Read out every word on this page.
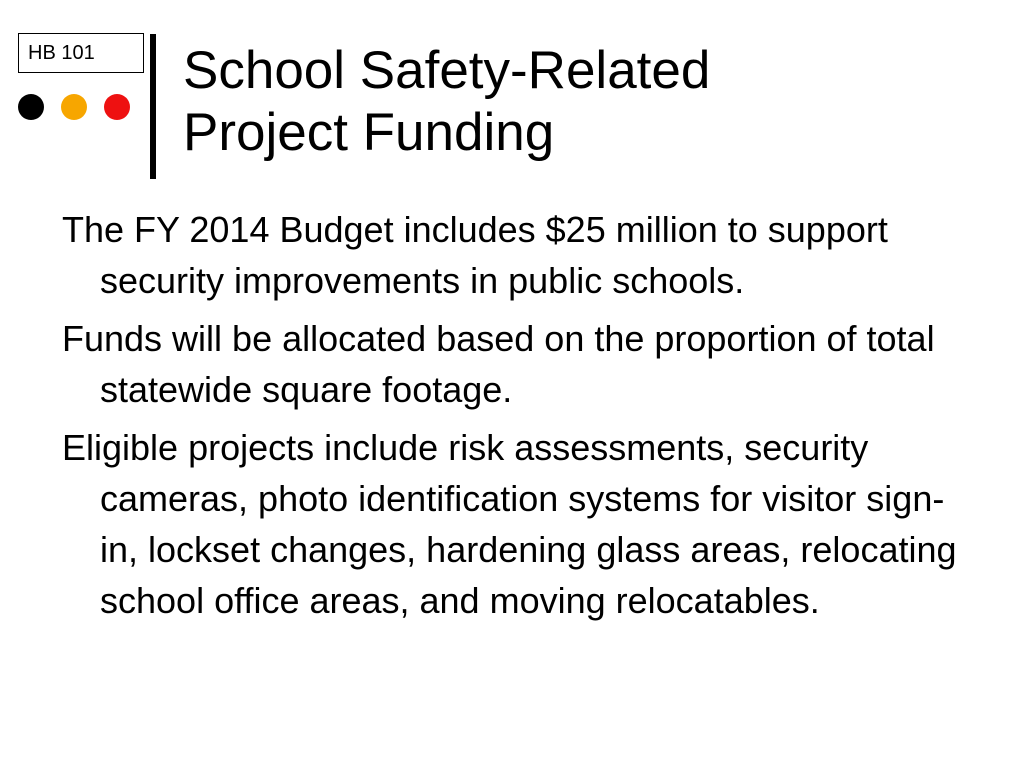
HB 101	School Safety-Related
Project Funding
The FY 2014 Budget includes $25 million to support security improvements in public schools.
Funds will be allocated based on the proportion of total statewide square footage.
Eligible projects include risk assessments, security cameras, photo identification systems for visitor sign-in, lockset changes, hardening glass areas, relocating school office areas, and moving relocatables.
